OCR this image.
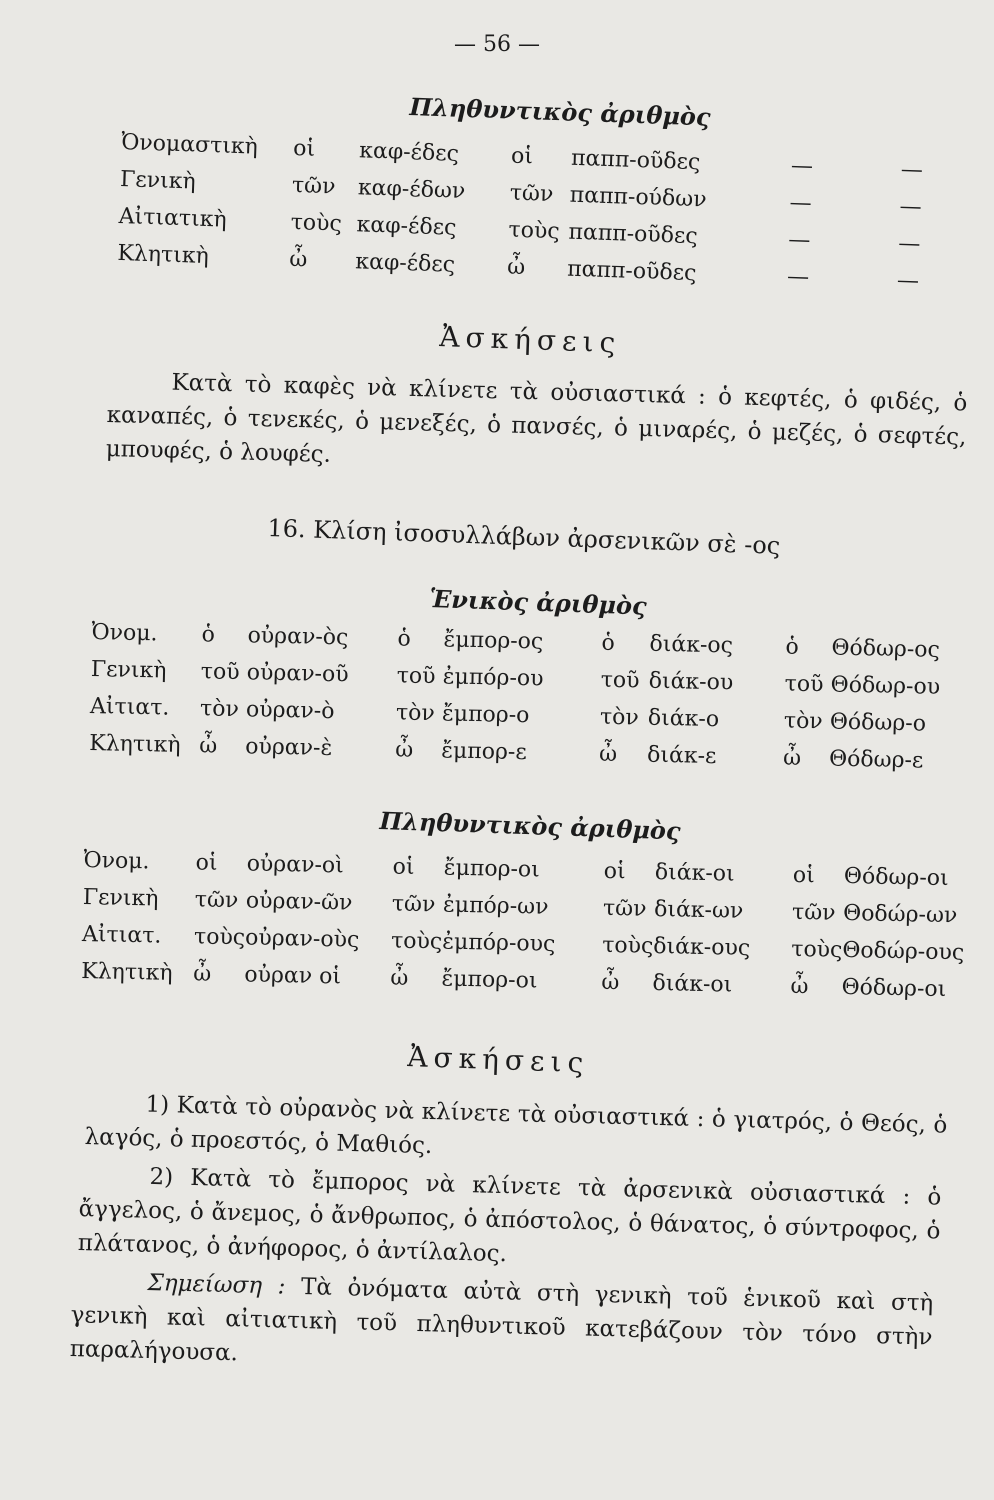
— 56 —
Πληθυντικὸς ἀριθμὸς
Ὀνομαστικὴ	οἱ	καφ-έδες	οἱ	παππ-οῦδες	—	—
Γενικὴ	τῶν	καφ-έδων	τῶν	παππ-ούδων	—	—
Αἰτιατικὴ	τοὺς	καφ-έδες	τοὺς	παππ-οῦδες	—	—
Κλητικὴ	ὦ	καφ-έδες	ὦ	παππ-οῦδες	—	—
Ἀσκήσεις
Κατὰ τὸ καφὲς νὰ κλίνετε τὰ οὐσιαστικά : ὁ κεφτές, ὁ φιδές, ὁ καναπές, ὁ τενεκές, ὁ μενεξές, ὁ πανσές, ὁ μιναρές, ὁ μεζές, ὁ σεφτές, μπουφές, ὁ λουφές.
16. Κλίση ἰσοσυλλάβων ἀρσενικῶν σὲ -ος
Ἑνικὸς ἀριθμὸς
Ὀνομ.	ὁ	οὐραν-ὸς	ὁ	ἔμπορ-ος	ὁ	διάκ-ος	ὁ	Θόδωρ-ος
Γενικὴ	τοῦ	οὐραν-οῦ	τοῦ	ἐμπόρ-ου	τοῦ	διάκ-ου	τοῦ	Θόδωρ-ου
Αἰτιατ.	τὸν	οὐραν-ὸ	τὸν	ἔμπορ-ο	τὸν	διάκ-ο	τὸν	Θόδωρ-ο
Κλητικὴ	ὦ	οὐραν-ὲ	ὦ	ἔμπορ-ε	ὦ	διάκ-ε	ὦ	Θόδωρ-ε
Πληθυντικὸς ἀριθμὸς
Ὀνομ.	οἱ	οὐραν-οὶ	οἱ	ἔμπορ-οι	οἱ	διάκ-οι	οἱ	Θόδωρ-οι
Γενικὴ	τῶν	οὐραν-ῶν	τῶν	ἐμπόρ-ων	τῶν	διάκ-ων	τῶν	Θοδώρ-ων
Αἰτιατ.	τοὺς	οὐραν-οὺς	τοὺς	ἐμπόρ-ους	τοὺς	διάκ-ους	τοὺς	Θοδώρ-ους
Κλητικὴ	ὦ	οὐραν οἱ	ὦ	ἔμπορ-οι	ὦ	διάκ-οι	ὦ	Θόδωρ-οι
Ἀσκήσεις
1) Κατὰ τὸ οὐρανὸς νὰ κλίνετε τὰ οὐσιαστικά : ὁ γιατρός, ὁ Θεός, ὁ λαγός, ὁ προεστός, ὁ Μαθιός.
2) Κατὰ τὸ ἔμπορος νὰ κλίνετε τὰ ἀρσενικὰ οὐσιαστικά : ὁ ἄγγελος, ὁ ἄνεμος, ὁ ἄνθρωπος, ὁ ἀπόστολος, ὁ θάνατος, ὁ σύντροφος, ὁ πλάτανος, ὁ ἀνήφορος, ὁ ἀντίλαλος.
Σημείωση : Τὰ ὀνόματα αὐτὰ στὴ γενικὴ τοῦ ἑνικοῦ καὶ στὴ γενικὴ καὶ αἰτιατικὴ τοῦ πληθυντικοῦ κατεβάζουν τὸν τόνο στὴν παραλήγουσα.
